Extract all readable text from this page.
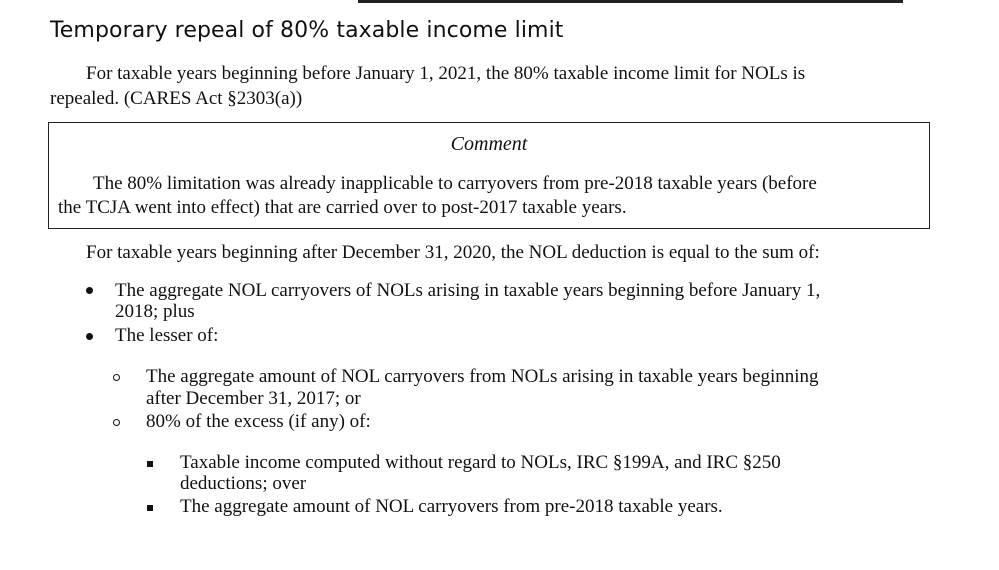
Temporary repeal of 80% taxable income limit
For taxable years beginning before January 1, 2021, the 80% taxable income limit for NOLs is
repealed. (CARES Act §2303(a))
Comment
The 80% limitation was already inapplicable to carryovers from pre-2018 taxable years (before
the TCJA went into effect) that are carried over to post-2017 taxable years.
For taxable years beginning after December 31, 2020, the NOL deduction is equal to the sum of:
The aggregate NOL carryovers of NOLs arising in taxable years beginning before January 1,
2018; plus
The lesser of:
The aggregate amount of NOL carryovers from NOLs arising in taxable years beginning
after December 31, 2017; or
80% of the excess (if any) of:
Taxable income computed without regard to NOLs, IRC §199A, and IRC §250
deductions; over
The aggregate amount of NOL carryovers from pre-2018 taxable years.
